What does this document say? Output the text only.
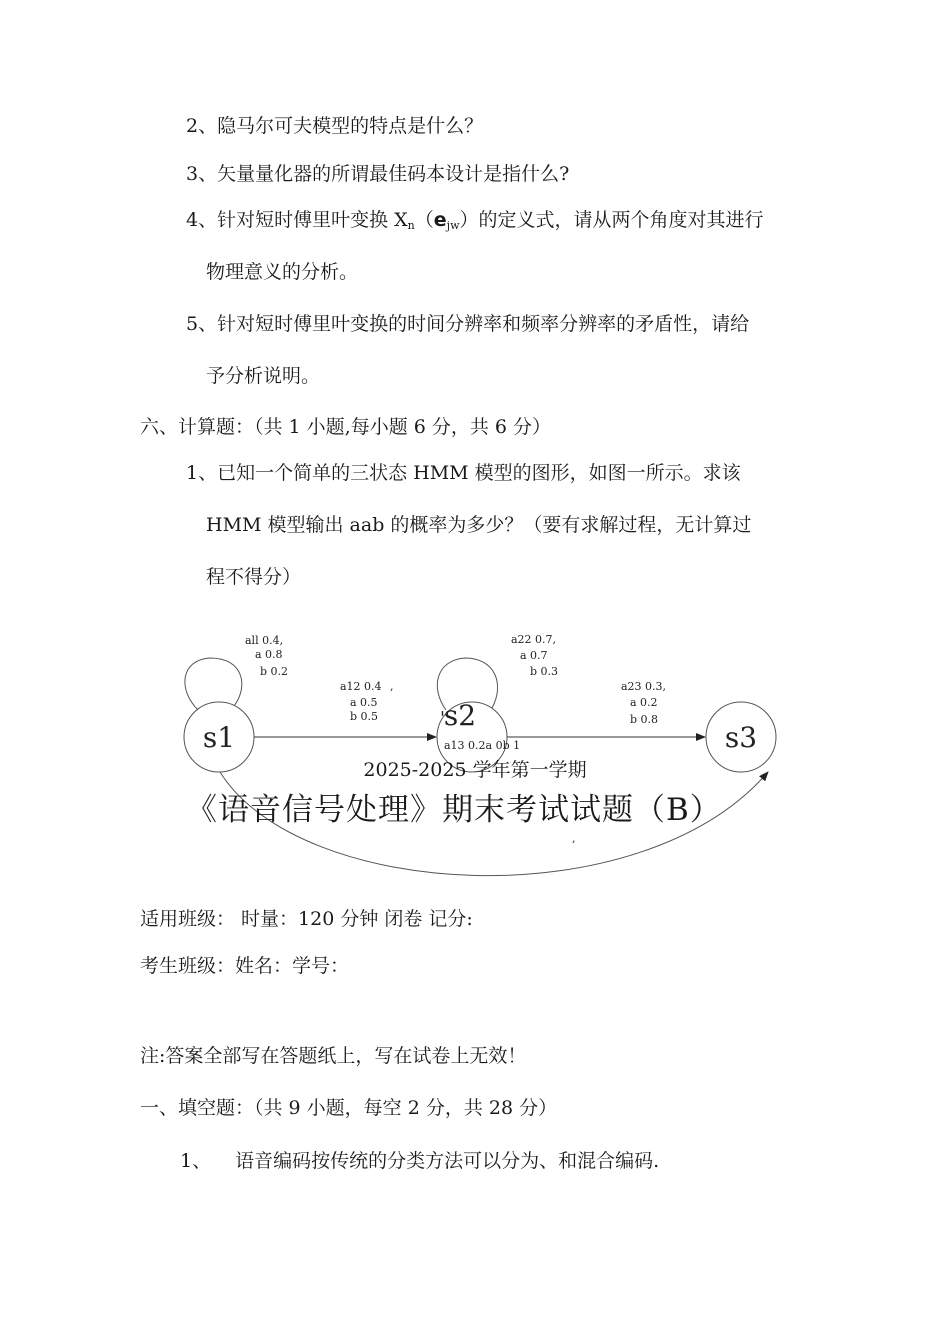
2、隐马尔可夫模型的特点是什么？
3、矢量量化器的所谓最佳码本设计是指什么?
4、针对短时傅里叶变换 $X_n(e_{jw})$的定义式，请从两个角度对其进行
物理意义的分析。
5、针对短时傅里叶变换的时间分辨率和频率分辨率的矛盾性，请给
予分析说明。
六、计算题：（共 1 小题,每小题 6 分，共 6 分）
1、已知一个简单的三状态 HMM 模型的图形，如图一所示。求该
HMM 模型输出 aab 的概率为多少？（要有求解过程，无计算过
程不得分）
s1
'
s2
s3
all 0.4,
a 0.8
b 0.2
a22 0.7,
a 0.7
b 0.3
a12 0.4 ,
a 0.5
b 0.5
a23 0.3,
a 0.2
b 0.8
a13 0.2a 0b 1
,
2025-2025 学年第一学期
《语音信号处理》期末考试试题（B）
适用班级： 时量：120 分钟 闭卷 记分:
考生班级：姓名：学号：
注:答案全部写在答题纸上，写在试卷上无效！
一、填空题：（共 9 小题，每空 2 分，共 28 分）
1、 语音编码按传统的分类方法可以分为、和混合编码.
